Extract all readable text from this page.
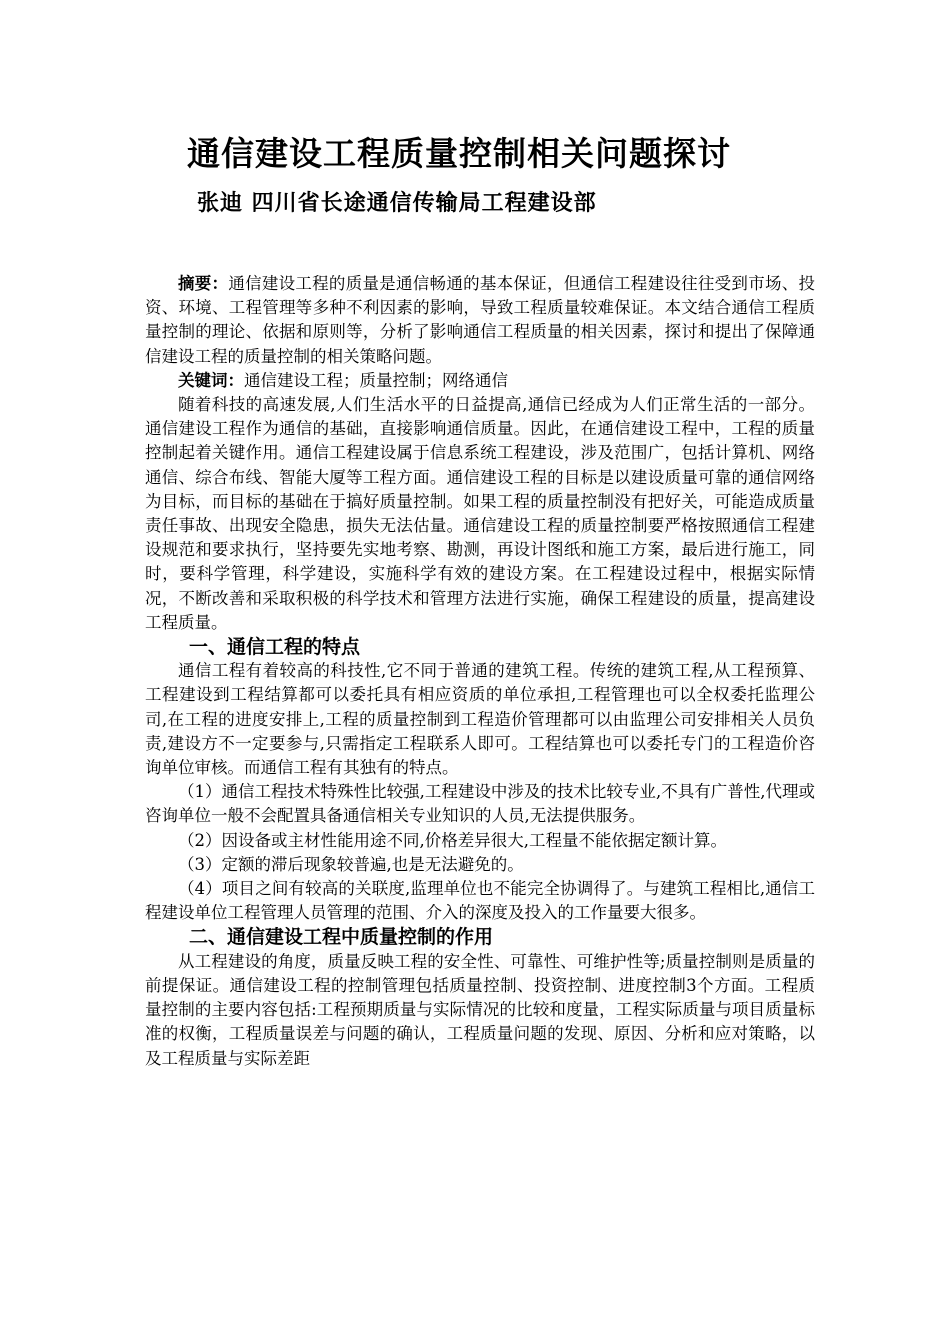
通信建设工程质量控制相关问题探讨
张迪 四川省长途通信传输局工程建设部

摘要：通信建设工程的质量是通信畅通的基本保证，但通信工程建设往往受到市场、投资、环境、工程管理等多种不利因素的影响，导致工程质量较难保证。本文结合通信工程质量控制的理论、依据和原则等，分析了影响通信工程质量的相关因素，探讨和提出了保障通信建设工程的质量控制的相关策略问题。

关键词：通信建设工程；质量控制；网络通信

随着科技的高速发展,人们生活水平的日益提高,通信已经成为人们正常生活的一部分。通信建设工程作为通信的基础，直接影响通信质量。因此，在通信建设工程中，工程的质量控制起着关键作用。通信工程建设属于信息系统工程建设，涉及范围广，包括计算机、网络通信、综合布线、智能大厦等工程方面。通信建设工程的目标是以建设质量可靠的通信网络为目标，而目标的基础在于搞好质量控制。如果工程的质量控制没有把好关，可能造成质量责任事故、出现安全隐患，损失无法估量。通信建设工程的质量控制要严格按照通信工程建设规范和要求执行，坚持要先实地考察、勘测，再设计图纸和施工方案，最后进行施工，同时，要科学管理，科学建设，实施科学有效的建设方案。在工程建设过程中，根据实际情况，不断改善和采取积极的科学技术和管理方法进行实施，确保工程建设的质量，提高建设工程质量。

一、通信工程的特点

通信工程有着较高的科技性,它不同于普通的建筑工程。传统的建筑工程,从工程预算、工程建设到工程结算都可以委托具有相应资质的单位承担,工程管理也可以全权委托监理公司,在工程的进度安排上,工程的质量控制到工程造价管理都可以由监理公司安排相关人员负责,建设方不一定要参与,只需指定工程联系人即可。工程结算也可以委托专门的工程造价咨询单位审核。而通信工程有其独有的特点。

（1）通信工程技术特殊性比较强,工程建设中涉及的技术比较专业,不具有广普性,代理或咨询单位一般不会配置具备通信相关专业知识的人员,无法提供服务。

（2）因设备或主材性能用途不同,价格差异很大,工程量不能依据定额计算。

（3）定额的滞后现象较普遍,也是无法避免的。

（4）项目之间有较高的关联度,监理单位也不能完全协调得了。与建筑工程相比,通信工程建设单位工程管理人员管理的范围、介入的深度及投入的工作量要大很多。

二、通信建设工程中质量控制的作用

从工程建设的角度，质量反映工程的安全性、可靠性、可维护性等;质量控制则是质量的前提保证。通信建设工程的控制管理包括质量控制、投资控制、进度控制3个方面。工程质量控制的主要内容包括:工程预期质量与实际情况的比较和度量，工程实际质量与项目质量标准的权衡，工程质量误差与问题的确认，工程质量问题的发现、原因、分析和应对策略，以及工程质量与实际差距
